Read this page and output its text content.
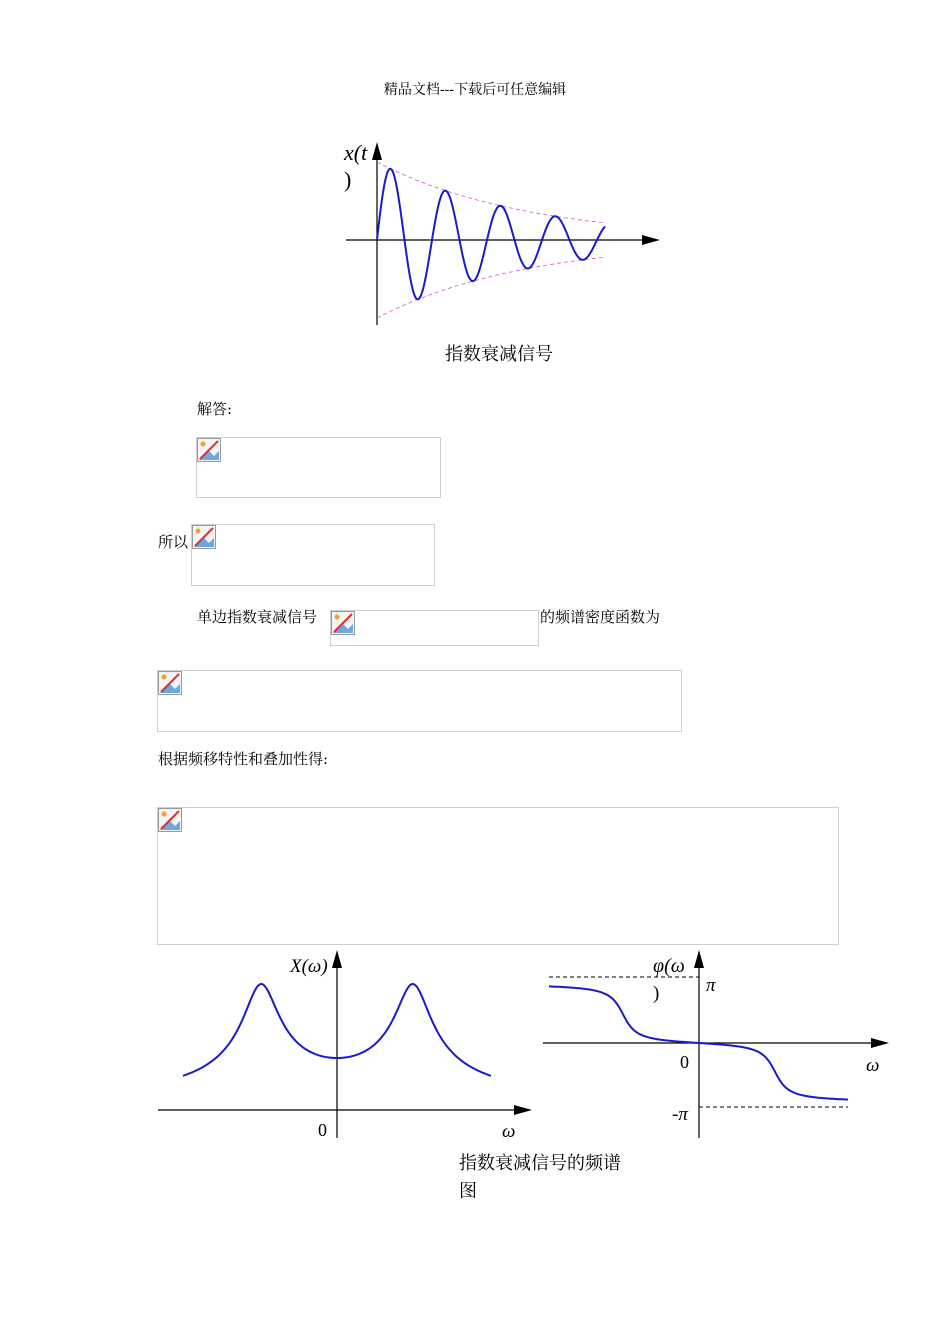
精品文档---下载后可任意编辑
x(t
)
指数衰减信号
解答:
所以
单边指数衰减信号	的频谱密度函数为
根据频移特性和叠加性得:
X(ω)
0	ω
φ(ω
) π
0	ω
-π
指数衰减信号的频谱
图
